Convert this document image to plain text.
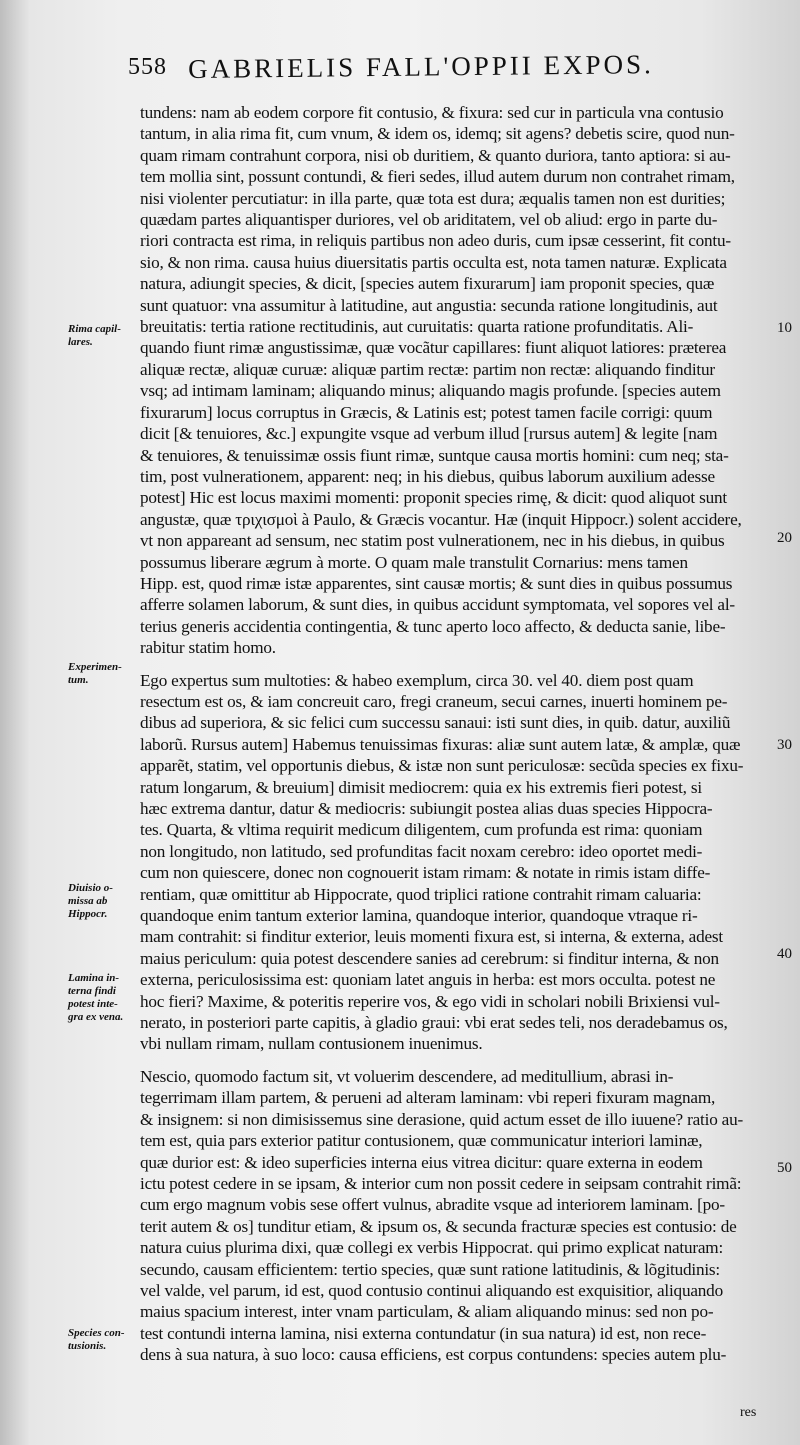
558 GABRIELIS FALL'OPPII EXPOS.

tundens: nam ab eodem corpore fit contusio, & fixura: sed cur in particula vna contusio
tantum, in alia rima fit, cum vnum, & idem os, idemq; sit agens? debetis scire, quod nun-
quam rimam contrahunt corpora, nisi ob duritiem, & quanto duriora, tanto aptiora: si au-
tem mollia sint, possunt contundi, & fieri sedes, illud autem durum non contrahet rimam,
nisi violenter percutiatur: in illa parte, quæ tota est dura; æqualis tamen non est durities;
quædam partes aliquantisper duriores, vel ob ariditatem, vel ob aliud: ergo in parte du-
riori contracta est rima, in reliquis partibus non adeo duris, cum ipsæ cesserint, fit contu-
sio, & non rima. causa huius diuersitatis partis occulta est, nota tamen naturæ. Explicata
natura, adiungit species, & dicit, [species autem fixurarum] iam proponit species, quæ
sunt quatuor: vna assumitur à latitudine, aut angustia: secunda ratione longitudinis, aut
breuitatis: tertia ratione rectitudinis, aut curuitatis: quarta ratione profunditatis. Ali-
quando fiunt rimæ angustissimæ, quæ vocãtur capillares: fiunt aliquot latiores: præterea
aliquæ rectæ, aliquæ curuæ: aliquæ partim rectæ: partim non rectæ: aliquando finditur
vsq; ad intimam laminam; aliquando minus; aliquando magis profunde. [species autem
fixurarum] locus corruptus in Græcis, & Latinis est; potest tamen facile corrigi: quum
dicit [& tenuiores, &c.] expungite vsque ad verbum illud [rursus autem] & legite [nam
& tenuiores, & tenuissimæ ossis fiunt rimæ, suntque causa mortis homini: cum neq; sta-
tim, post vulnerationem, apparent: neq; in his diebus, quibus laborum auxilium adesse
potest] Hic est locus maximi momenti: proponit species rimę, & dicit: quod aliquot sunt
angustæ, quæ τριχισμοὶ à Paulo, & Græcis vocantur. Hæ (inquit Hippocr.) solent accidere,
vt non appareant ad sensum, nec statim post vulnerationem, nec in his diebus, in quibus
possumus liberare ægrum à morte. O quam male transtulit Cornarius: mens tamen
Hipp. est, quod rimæ istæ apparentes, sint causæ mortis; & sunt dies in quibus possumus
afferre solamen laborum, & sunt dies, in quibus accidunt symptomata, vel sopores vel al-
terius generis accidentia contingentia, & tunc aperto loco affecto, & deducta sanie, libe-
rabitur statim homo.

Ego expertus sum multoties: & habeo exemplum, circa 30. vel 40. diem post quam
resectum est os, & iam concreuit caro, fregi craneum, secui carnes, inuerti hominem pe-
dibus ad superiora, & sic felici cum successu sanaui: isti sunt dies, in quib. datur, auxiliũ
laborũ. Rursus autem] Habemus tenuissimas fixuras: aliæ sunt autem latæ, & amplæ, quæ
apparẽt, statim, vel opportunis diebus, & istæ non sunt periculosæ: secũda species ex fixu-
ratum longarum, & breuium] dimisit mediocrem: quia ex his extremis fieri potest, si
hæc extrema dantur, datur & mediocris: subiungit postea alias duas species Hippocra-
tes. Quarta, & vltima requirit medicum diligentem, cum profunda est rima: quoniam
non longitudo, non latitudo, sed profunditas facit noxam cerebro: ideo oportet medi-
cum non quiescere, donec non cognouerit istam rimam: & notate in rimis istam diffe-
rentiam, quæ omittitur ab Hippocrate, quod triplici ratione contrahit rimam caluaria:
quandoque enim tantum exterior lamina, quandoque interior, quandoque vtraque ri-
mam contrahit: si finditur exterior, leuis momenti fixura est, si interna, & externa, adest
maius periculum: quia potest descendere sanies ad cerebrum: si finditur interna, & non
externa, periculosissima est: quoniam latet anguis in herba: est mors occulta. potest ne
hoc fieri? Maxime, & poteritis reperire vos, & ego vidi in scholari nobili Brixiensi vul-
nerato, in posteriori parte capitis, à gladio graui: vbi erat sedes teli, nos deradebamus os,
vbi nullam rimam, nullam contusionem inuenimus.

Nescio, quomodo factum sit, vt voluerim descendere, ad meditullium, abrasi in-
tegerrimam illam partem, & perueni ad alteram laminam: vbi reperi fixuram magnam,
& insignem: si non dimisissemus sine derasione, quid actum esset de illo iuuene? ratio au-
tem est, quia pars exterior patitur contusionem, quæ communicatur interiori laminæ,
quæ durior est: & ideo superficies interna eius vitrea dicitur: quare externa in eodem
ictu potest cedere in se ipsam, & interior cum non possit cedere in seipsam contrahit rimã:
cum ergo magnum vobis sese offert vulnus, abradite vsque ad interiorem laminam. [po-
terit autem & os] tunditur etiam, & ipsum os, & secunda fracturæ species est contusio: de
natura cuius plurima dixi, quæ collegi ex verbis Hippocrat. qui primo explicat naturam:
secundo, causam efficientem: tertio species, quæ sunt ratione latitudinis, & lõgitudinis:
vel valde, vel parum, id est, quod contusio continui aliquando est exquisitior, aliquando
maius spacium interest, inter vnam particulam, & aliam aliquando minus: sed non po-
test contundi interna lamina, nisi externa contundatur (in sua natura) id est, non rece-
dens à sua natura, à suo loco: causa efficiens, est corpus contundens: species autem plu-

Rima capil-
lares.
Experimen-
tum.
Diuisio o-
missa ab
Hippocr.
Lamina in-
terna findi
potest inte-
gra ex vena.
Species con-
tusionis.
10
20
30
40
50
res
